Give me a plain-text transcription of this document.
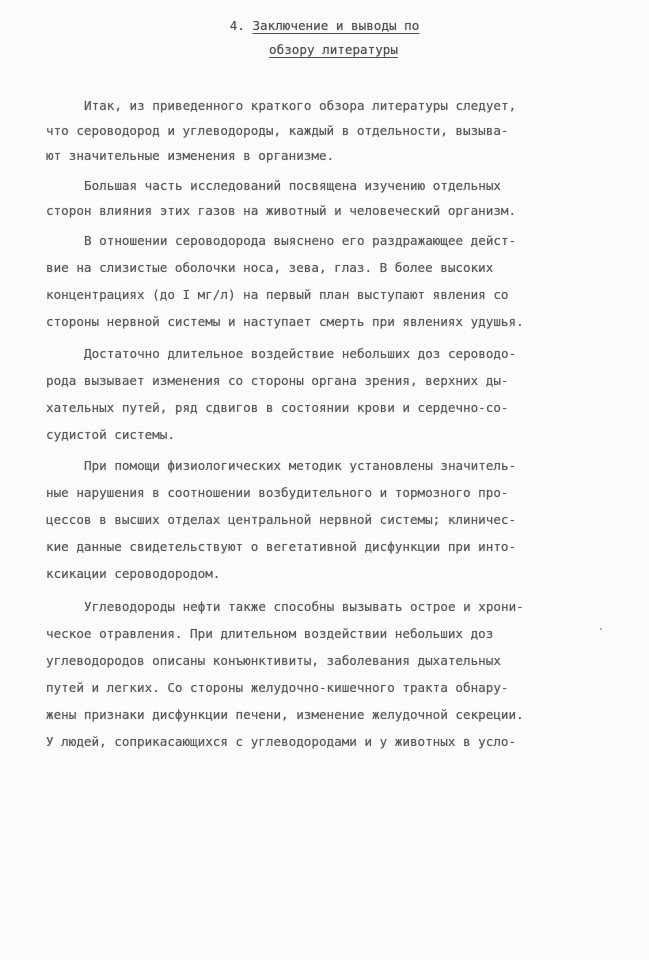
4. Заключение и выводы по
обзору литературы
Итак, из приведенного краткого обзора литературы следует,
что сероводород и углеводороды, каждый в отдельности, вызыва-
ют значительные изменения в организме.
Большая часть исследований посвящена изучению отдельных
сторон влияния этих газов на животный и человеческий организм.
В отношении сероводорода выяснено его раздражающее дейст-
вие на слизистые оболочки носа, зева, глаз. В более высоких
концентрациях (до I мг/л) на первый план выступают явления со
стороны нервной системы и наступает смерть при явлениях удушья.
Достаточно длительное воздействие небольших доз сероводо-
рода вызывает изменения со стороны органа зрения, верхних ды-
хательных путей, ряд сдвигов в состоянии крови и сердечно-со-
судистой системы.
При помощи физиологических методик установлены значитель-
ные нарушения в соотношении возбудительного и тормозного про-
цессов в высших отделах центральной нервной системы; клиничес-
кие данные свидетельствуют о вегетативной дисфункции при инто-
ксикации сероводородом.
Углеводороды нефти также способны вызывать острое и хрони-
ческое отравления. При длительном воздействии небольших доз
углеводородов описаны конъюнктивиты, заболевания дыхательных
путей и легких. Со стороны желудочно-кишечного тракта обнару-
жены признаки дисфункции печени, изменение желудочной секреции.
У людей, соприкасающихся с углеводородами и у животных в усло-
